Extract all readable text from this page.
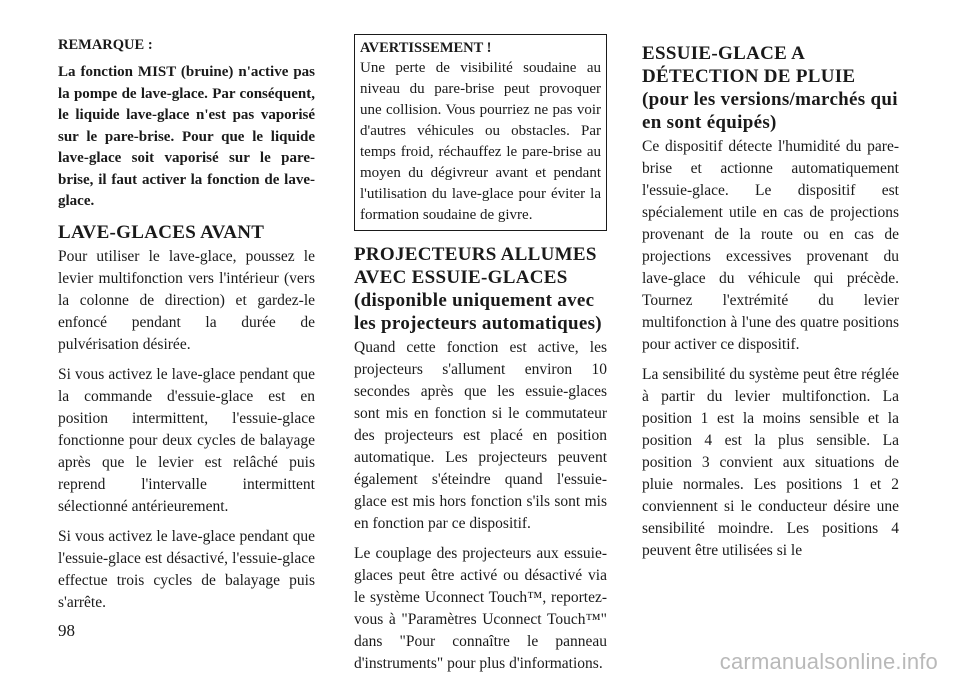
REMARQUE :

La fonction MIST (bruine) n'active pas la pompe de lave-glace. Par conséquent, le liquide lave-glace n'est pas vaporisé sur le pare-brise. Pour que le liquide lave-glace soit vaporisé sur le pare-brise, il faut activer la fonction de lave-glace.

LAVE-GLACES AVANT

Pour utiliser le lave-glace, poussez le levier multifonction vers l'intérieur (vers la colonne de direction) et gardez-le enfoncé pendant la durée de pulvérisation désirée.

Si vous activez le lave-glace pendant que la commande d'essuie-glace est en position intermittent, l'essuie-glace fonctionne pour deux cycles de balayage après que le levier est relâché puis reprend l'intervalle intermittent sélectionné antérieurement.

Si vous activez le lave-glace pendant que l'essuie-glace est désactivé, l'essuie-glace effectue trois cycles de balayage puis s'arrête.

AVERTISSEMENT !

Une perte de visibilité soudaine au niveau du pare-brise peut provoquer une collision. Vous pourriez ne pas voir d'autres véhicules ou obstacles. Par temps froid, réchauffez le pare-brise au moyen du dégivreur avant et pendant l'utilisation du lave-glace pour éviter la formation soudaine de givre.

PROJECTEURS ALLUMES AVEC ESSUIE-GLACES (disponible uniquement avec les projecteurs automatiques)

Quand cette fonction est active, les projecteurs s'allument environ 10 secondes après que les essuie-glaces sont mis en fonction si le commutateur des projecteurs est placé en position automatique. Les projecteurs peuvent également s'éteindre quand l'essuie-glace est mis hors fonction s'ils sont mis en fonction par ce dispositif.

Le couplage des projecteurs aux essuie-glaces peut être activé ou désactivé via le système Uconnect Touch™, reportez-vous à "Paramètres Uconnect Touch™" dans "Pour connaître le panneau d'instruments" pour plus d'informations.

ESSUIE-GLACE A DÉTECTION DE PLUIE (pour les versions/marchés qui en sont équipés)

Ce dispositif détecte l'humidité du pare-brise et actionne automatiquement l'essuie-glace. Le dispositif est spécialement utile en cas de projections provenant de la route ou en cas de projections excessives provenant du lave-glace du véhicule qui précède. Tournez l'extrémité du levier multifonction à l'une des quatre positions pour activer ce dispositif.

La sensibilité du système peut être réglée à partir du levier multifonction. La position 1 est la moins sensible et la position 4 est la plus sensible. La position 3 convient aux situations de pluie normales. Les positions 1 et 2 conviennent si le conducteur désire une sensibilité moindre. Les positions 4 peuvent être utilisées si le

98
carmanualsonline.info
